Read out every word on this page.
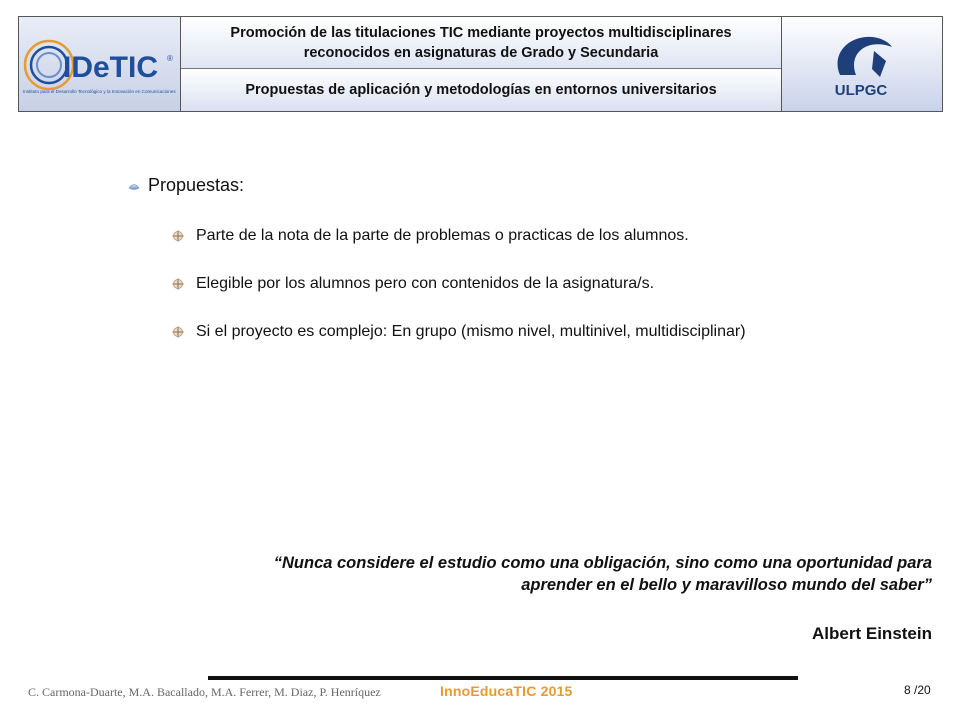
IDeTIC ®
Instituto para el Desarrollo Tecnológico y la Innovación en Comunicaciones
Promoción de las titulaciones TIC mediante proyectos multidisciplinares
reconocidos en asignaturas de Grado y Secundaria
Propuestas de aplicación y metodologías en entornos universitarios	ULPGC
Propuestas:
Parte de la nota de la parte de problemas o practicas de los alumnos.
Elegible por los alumnos pero con contenidos de la asignatura/s.
Si el proyecto es complejo: En grupo (mismo nivel, multinivel, multidisciplinar)
“Nunca considere el estudio como una obligación, sino como una oportunidad para
aprender en el bello y maravilloso mundo del saber”
Albert Einstein
C. Carmona-Duarte, M.A. Bacallado, M.A. Ferrer, M. Diaz, P. Henríquez	InnoEducaTIC 2015	8 /20
